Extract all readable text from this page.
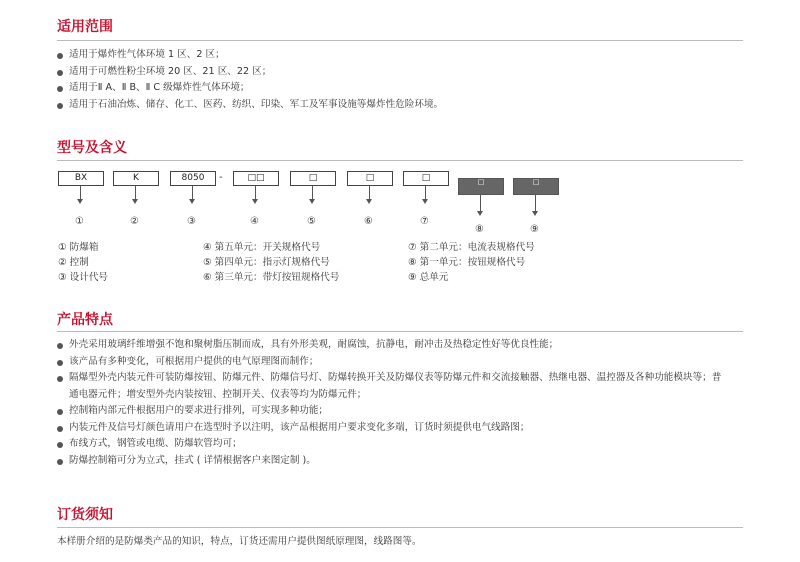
适用范围
适用于爆炸性气体环境 1 区、2 区；
适用于可燃性粉尘环境 20 区、21 区、22 区；
适用于Ⅱ A、Ⅱ B、Ⅱ C 级爆炸性气体环境；
适用于石油冶炼、储存、化工、医药、纺织、印染、军工及军事设施等爆炸性危险环境。
型号及含义
BX	K	8050	-	□□	□	□	□	□	□
①	②	③	④	⑤	⑥	⑦
⑧	⑨
① 防爆箱
② 控制
③ 设计代号
④ 第五单元：开关规格代号
⑤ 第四单元：指示灯规格代号
⑥ 第三单元：带灯按钮规格代号
⑦ 第二单元：电流表规格代号
⑧ 第一单元：按钮规格代号
⑨ 总单元
产品特点
外壳采用玻璃纤维增强不饱和聚树脂压制而成，具有外形美观，耐腐蚀，抗静电，耐冲击及热稳定性好等优良性能；
该产品有多种变化，可根据用户提供的电气原理图而制作；
隔爆型外壳内装元件可装防爆按钮、防爆元件、防爆信号灯、防爆转换开关及防爆仪表等防爆元件和交流接触器、热继电器、温控器及各种功能模块等；普通电器元件；增安型外壳内装按钮、控制开关、仪表等均为防爆元件；
控制箱内部元件根据用户的要求进行排列，可实现多种功能；
内装元件及信号灯颜色请用户在选型时予以注明，该产品根据用户要求变化多端，订货时须提供电气线路图；
布线方式，钢管或电缆、防爆软管均可；
防爆控制箱可分为立式，挂式 ( 详情根据客户来图定制 )。
订货须知
本样册介绍的是防爆类产品的知识，特点，订货还需用户提供图纸原理图，线路图等。
